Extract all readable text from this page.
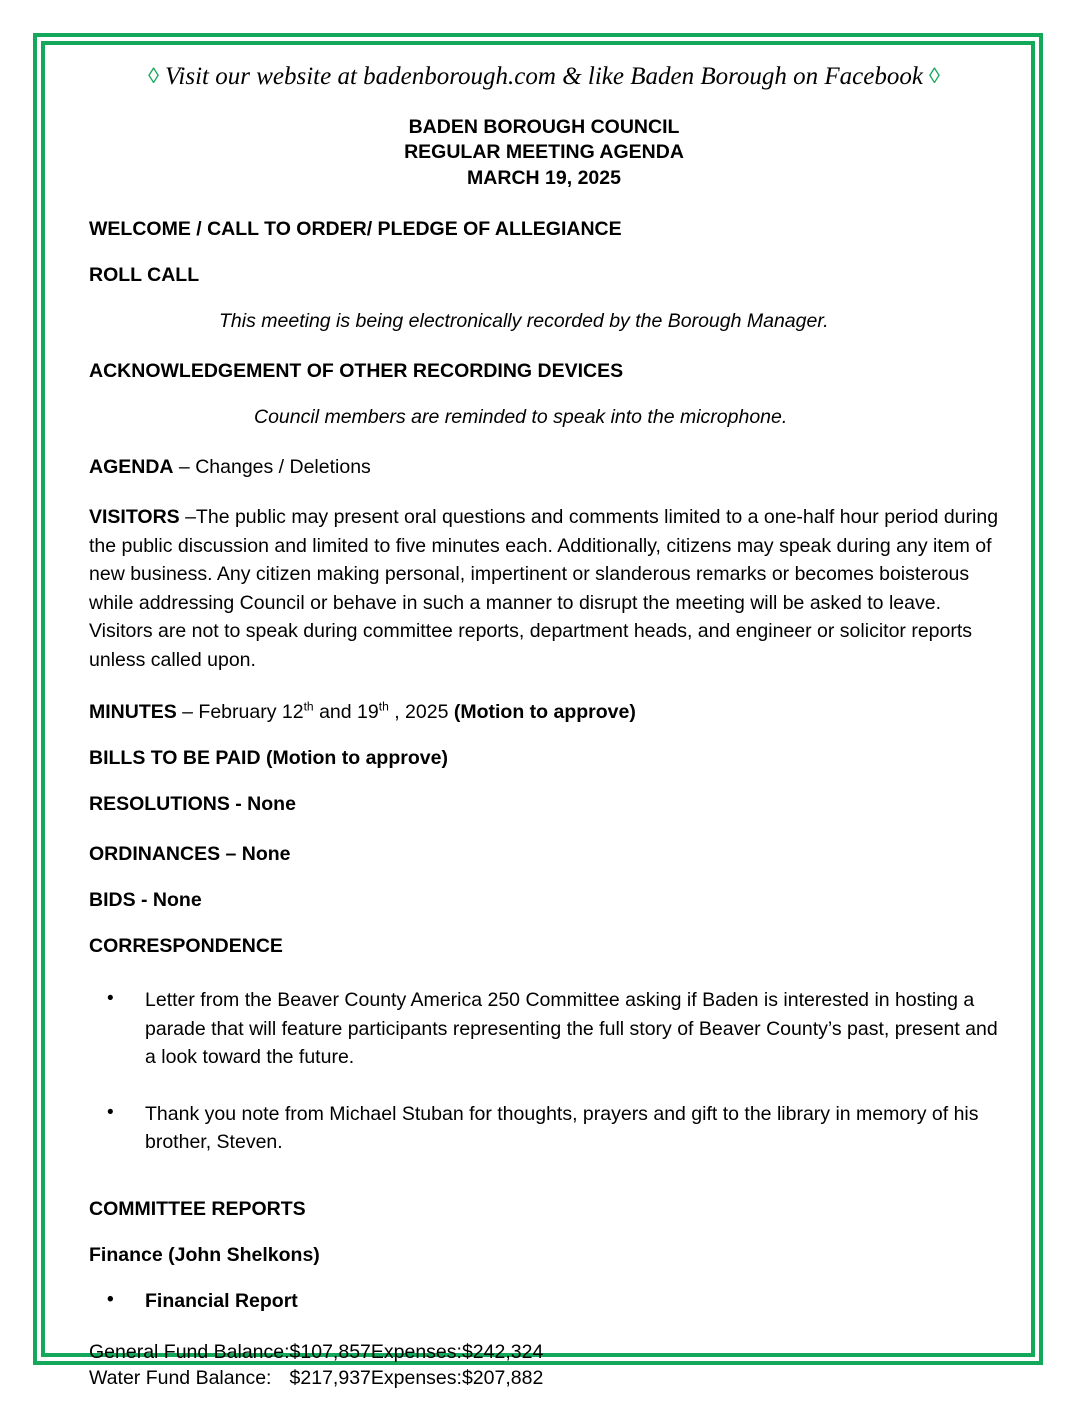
◊ Visit our website at badenborough.com & like Baden Borough on Facebook ◊
BADEN BOROUGH COUNCIL
REGULAR MEETING AGENDA
MARCH 19, 2025
WELCOME / CALL TO ORDER/ PLEDGE OF ALLEGIANCE
ROLL CALL
This meeting is being electronically recorded by the Borough Manager.
ACKNOWLEDGEMENT OF OTHER RECORDING DEVICES
Council members are reminded to speak into the microphone.
AGENDA – Changes / Deletions
VISITORS –The public may present oral questions and comments limited to a one-half hour period during the public discussion and limited to five minutes each. Additionally, citizens may speak during any item of new business. Any citizen making personal, impertinent or slanderous remarks or becomes boisterous while addressing Council or behave in such a manner to disrupt the meeting will be asked to leave. Visitors are not to speak during committee reports, department heads, and engineer or solicitor reports unless called upon.
MINUTES – February 12th and 19th , 2025 (Motion to approve)
BILLS TO BE PAID (Motion to approve)
RESOLUTIONS - None
ORDINANCES – None
BIDS - None
CORRESPONDENCE
• Letter from the Beaver County America 250 Committee asking if Baden is interested in hosting a parade that will feature participants representing the full story of Beaver County’s past, present and a look toward the future.
• Thank you note from Michael Stuban for thoughts, prayers and gift to the library in memory of his brother, Steven.
COMMITTEE REPORTS
Finance (John Shelkons)
• Financial Report
General Fund Balance:	$107,857	Expenses:	$242,324
Water Fund Balance:	$217,937	Expenses:	$207,882
